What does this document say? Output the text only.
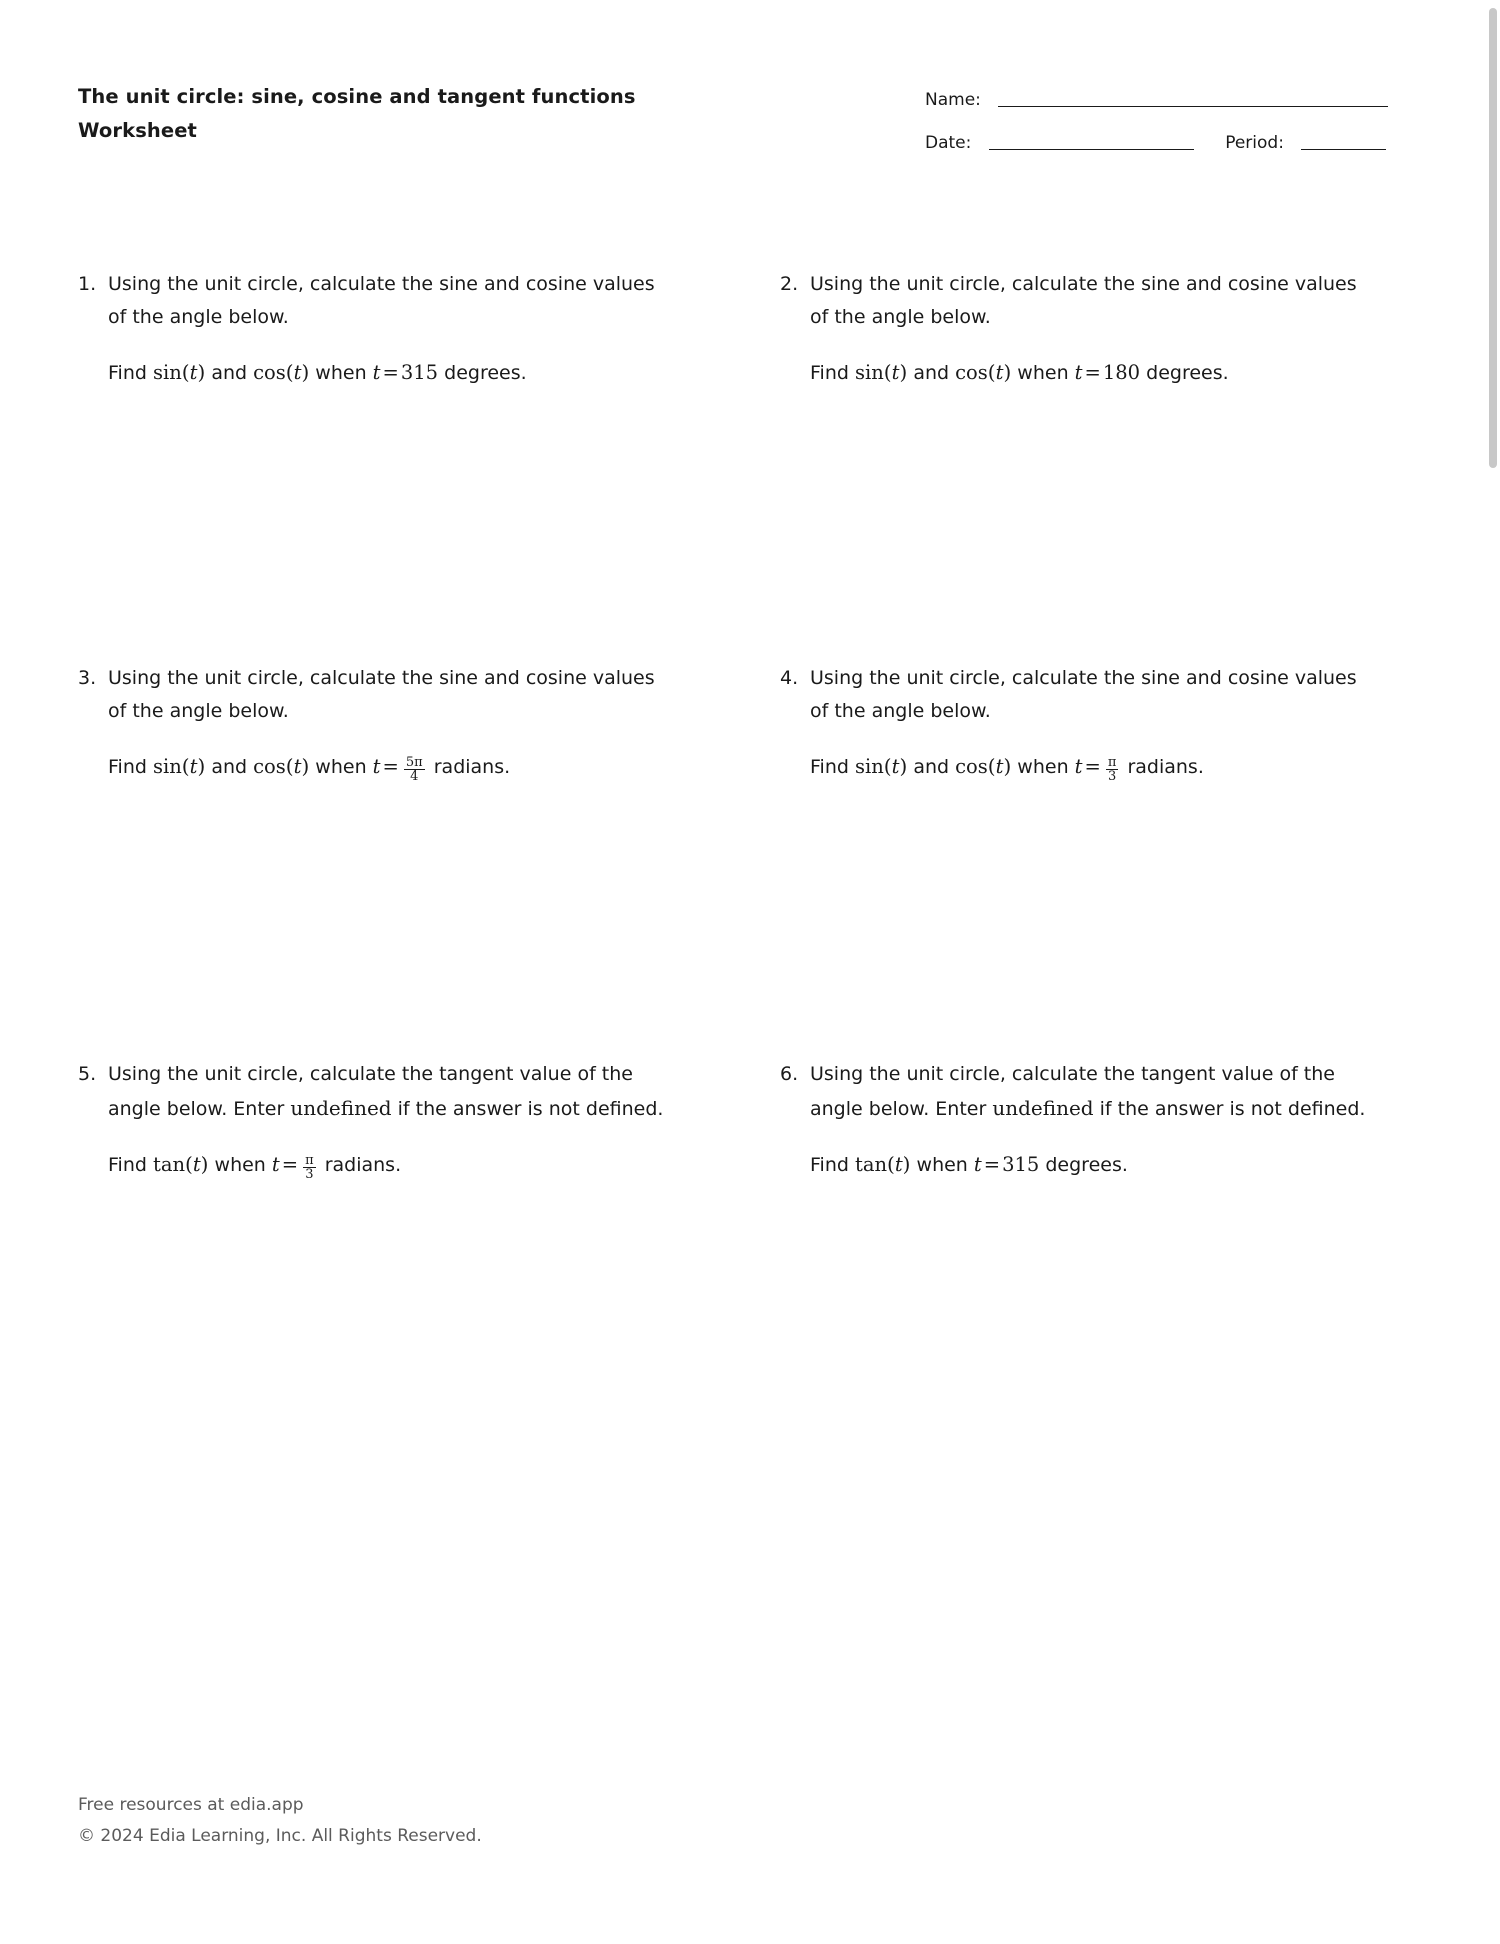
The unit circle: sine, cosine and tangent functions Worksheet
Name:
Date:	Period:
1. Using the unit circle, calculate the sine and cosine values of the angle below.
Find sin(t) and cos(t) when t = 315 degrees.
2. Using the unit circle, calculate the sine and cosine values of the angle below.
Find sin(t) and cos(t) when t = 180 degrees.
3. Using the unit circle, calculate the sine and cosine values of the angle below.
Find sin(t) and cos(t) when $t = \frac{5\pi}{4}$ radians.
4. Using the unit circle, calculate the sine and cosine values of the angle below.
Find sin(t) and cos(t) when $t = \frac{\pi}{3}$ radians.
5. Using the unit circle, calculate the tangent value of the angle below. Enter undefined if the answer is not defined.
Find tan(t) when $t = \frac{\pi}{3}$ radians.
6. Using the unit circle, calculate the tangent value of the angle below. Enter undefined if the answer is not defined.
Find tan(t) when t = 315 degrees.
Free resources at edia.app
© 2024 Edia Learning, Inc. All Rights Reserved.
